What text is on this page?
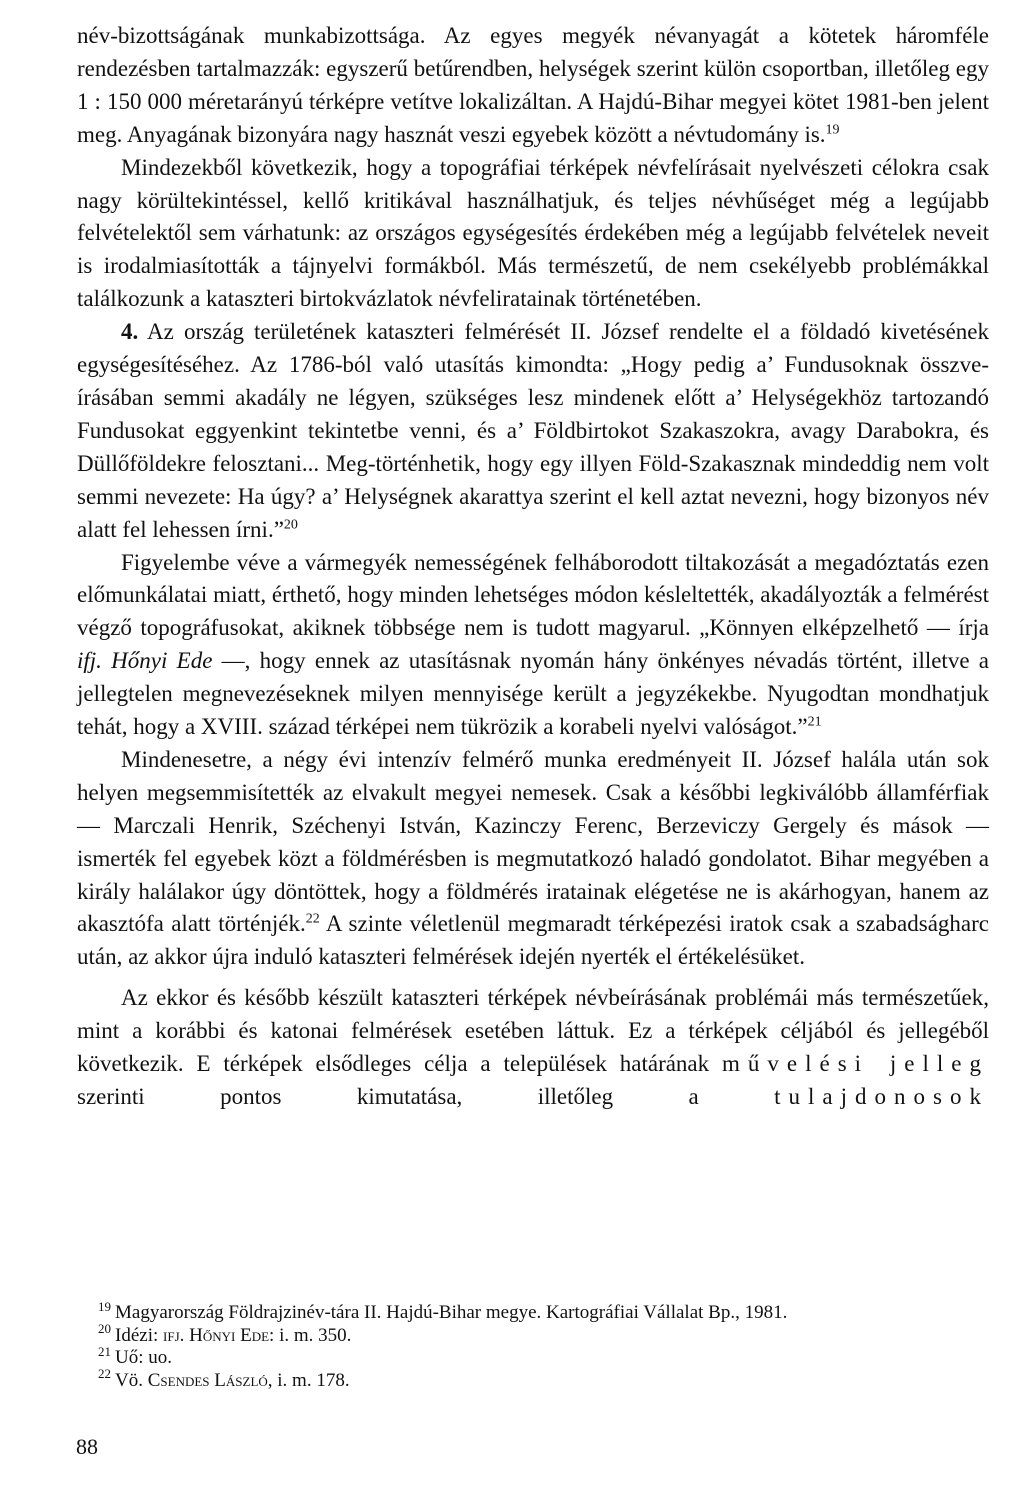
név-bizottságának munkabizottsága. Az egyes megyék névanyagát a kötetek háromféle rendezésben tartalmazzák: egyszerű betűrendben, helységek szerint külön csoportban, illetőleg egy 1 : 150 000 méretarányú térképre vetítve lokalizáltan. A Hajdú-Bihar megyei kötet 1981-ben jelent meg. Anyagának bizonyára nagy hasznát veszi egyebek között a névtudomány is.$^{19}$

Mindezekből következik, hogy a topográfiai térképek névfelírásait nyelvészeti célokra csak nagy körültekintéssel, kellő kritikával használhatjuk, és teljes névhűséget még a legújabb felvételektől sem várhatunk: az országos egységesítés érdekében még a legújabb felvételek neveit is irodalmiasították a tájnyelvi formákból. Más természetű, de nem csekélyebb problémákkal találkozunk a kataszteri birtokvázlatok névfeliratainak történetében.

4. Az ország területének kataszteri felmérését II. József rendelte el a földadó kivetésének egységesítéséhez. Az 1786-ból való utasítás kimondta: „Hogy pedig a’ Fundusoknak összve-írásában semmi akadály ne légyen, szükséges lesz mindenek előtt a’ Helységekhöz tartozandó Fundusokat eggyenkint tekintetbe venni, és a’ Földbirtokot Szakaszokra, avagy Darabokra, és Düllőföldekre felosztani... Meg-történhetik, hogy egy illyen Föld-Szakasznak mindeddig nem volt semmi nevezete: Ha úgy? a’ Helységnek akarattya szerint el kell aztat nevezni, hogy bizonyos név alatt fel lehessen írni.”$^{20}$

Figyelembe véve a vármegyék nemességének felháborodott tiltakozását a megadóztatás ezen előmunkálatai miatt, érthető, hogy minden lehetséges módon késleltették, akadályozták a felmérést végző topográfusokat, akiknek többsége nem is tudott magyarul. „Könnyen elképzelhető — írja ifj. Hőnyi Ede —, hogy ennek az utasításnak nyomán hány önkényes névadás történt, illetve a jellegtelen megnevezéseknek milyen mennyisége került a jegyzékekbe. Nyugodtan mondhatjuk tehát, hogy a XVIII. század térképei nem tükrözik a korabeli nyelvi valóságot.”$^{21}$

Mindenesetre, a négy évi intenzív felmérő munka eredményeit II. József halála után sok helyen megsemmisítették az elvakult megyei nemesek. Csak a későbbi legkiválóbb államférfiak — Marczali Henrik, Széchenyi István, Kazinczy Ferenc, Berzeviczy Gergely és mások — ismerték fel egyebek közt a földmérésben is megmutatkozó haladó gondolatot. Bihar megyében a király halálakor úgy döntöttek, hogy a földmérés iratainak elégetése ne is akárhogyan, hanem az akasztófa alatt történjék.$^{22}$ A szinte véletlenül megmaradt térképezési iratok csak a szabadságharc után, az akkor újra induló kataszteri felmérések idején nyerték el értékelésüket.

Az ekkor és később készült kataszteri térképek névbeírásának problémái más természetűek, mint a korábbi és katonai felmérések esetében láttuk. Ez a térképek céljából és jellegéből következik. E térképek elsődleges célja a települések határának művelési jelleg szerinti pontos kimutatása, illetőleg a tulajdonosok

19 Magyarország Földrajzinév-tára II. Hajdú-Bihar megye. Kartográfiai Vállalat Bp., 1981.

20 Idézi: ifj. Hőnyi Ede: i. m. 350.

21 Uő: uo.

22 Vö. Csendes László, i. m. 178.

88
